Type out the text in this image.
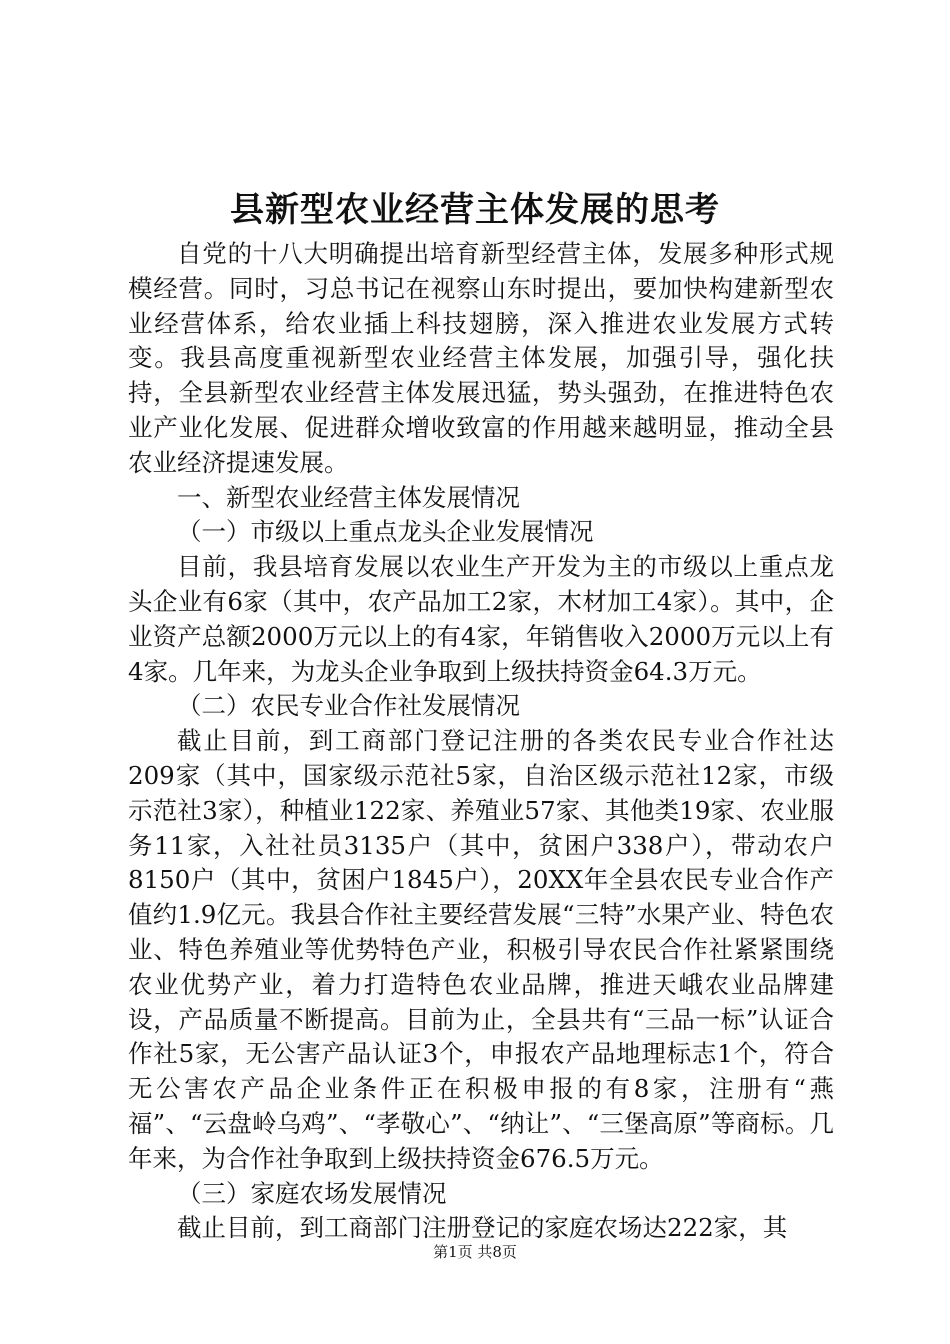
县新型农业经营主体发展的思考

自党的十八大明确提出培育新型经营主体，发展多种形式规模经营。同时，习总书记在视察山东时提出，要加快构建新型农业经营体系，给农业插上科技翅膀，深入推进农业发展方式转变。我县高度重视新型农业经营主体发展，加强引导，强化扶持，全县新型农业经营主体发展迅猛，势头强劲，在推进特色农业产业化发展、促进群众增收致富的作用越来越明显，推动全县农业经济提速发展。

一、新型农业经营主体发展情况

（一）市级以上重点龙头企业发展情况

目前，我县培育发展以农业生产开发为主的市级以上重点龙头企业有6家（其中，农产品加工2家，木材加工4家）。其中，企业资产总额2000万元以上的有4家，年销售收入2000万元以上有4家。几年来，为龙头企业争取到上级扶持资金64.3万元。

（二）农民专业合作社发展情况

截止目前，到工商部门登记注册的各类农民专业合作社达209家（其中，国家级示范社5家，自治区级示范社12家，市级示范社3家），种植业122家、养殖业57家、其他类19家、农业服务11家，入社社员3135户（其中，贫困户338户），带动农户8150户（其中，贫困户1845户），20XX年全县农民专业合作产值约1.9亿元。我县合作社主要经营发展“三特”水果产业、特色农业、特色养殖业等优势特色产业，积极引导农民合作社紧紧围绕农业优势产业，着力打造特色农业品牌，推进天峨农业品牌建设，产品质量不断提高。目前为止，全县共有“三品一标”认证合作社5家，无公害产品认证3个，申报农产品地理标志1个，符合无公害农产品企业条件正在积极申报的有8家，注册有“燕福”、“云盘岭乌鸡”、“孝敬心”、“纳让”、“三堡高原”等商标。几年来，为合作社争取到上级扶持资金676.5万元。

（三）家庭农场发展情况

截止目前，到工商部门注册登记的家庭农场达222家，其

第1页 共8页
